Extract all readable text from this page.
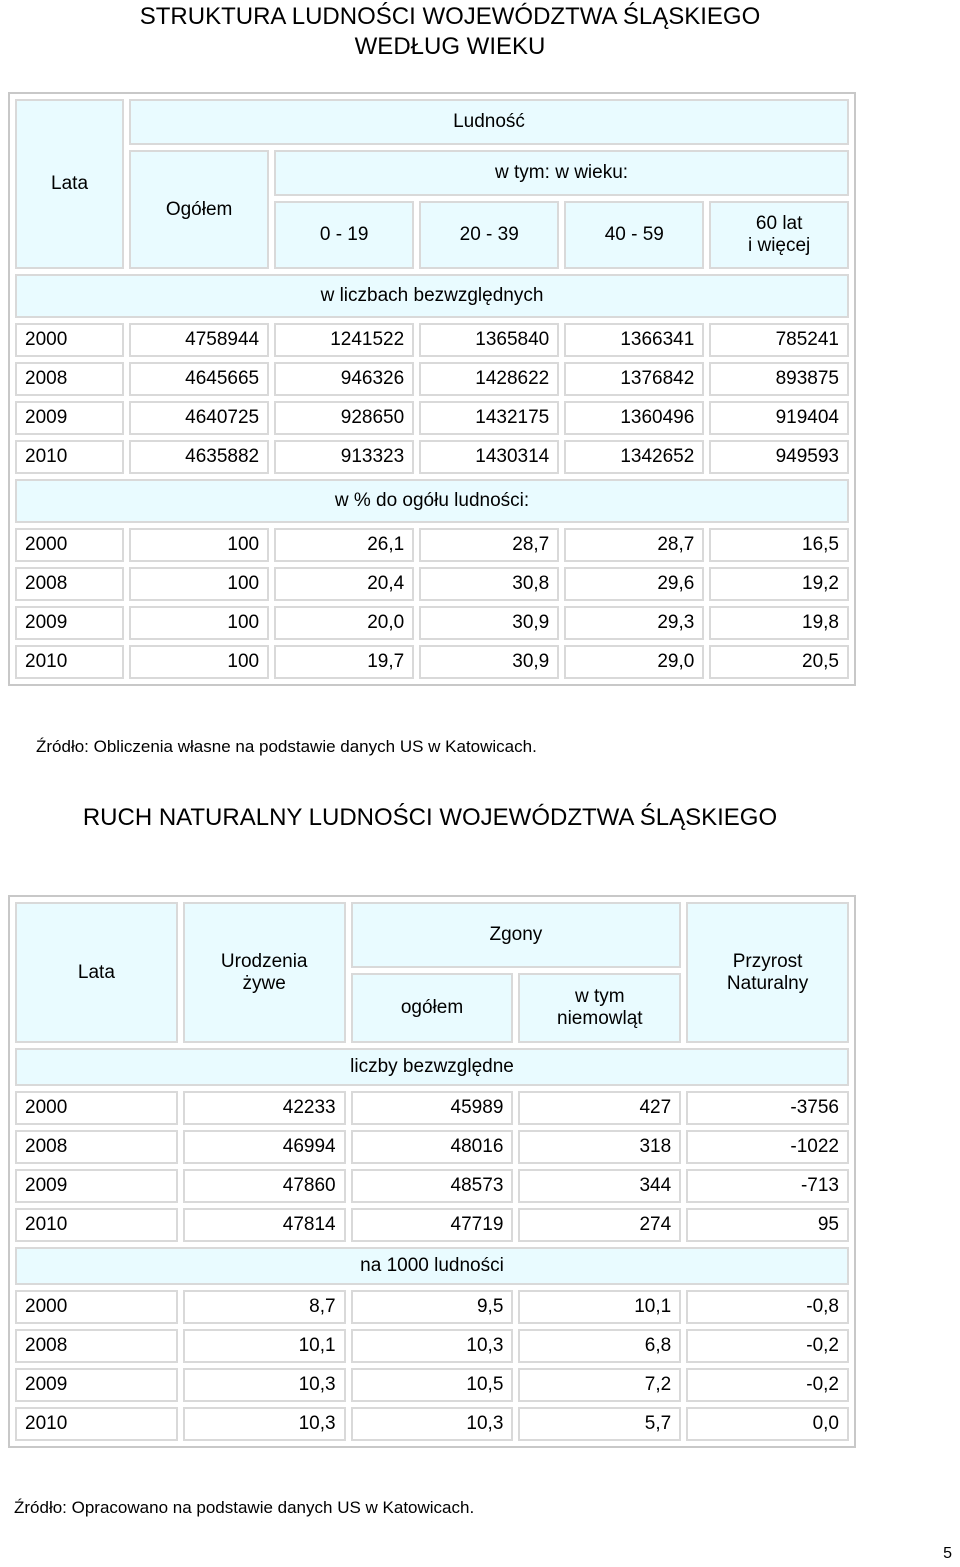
STRUKTURA LUDNOŚCI WOJEWÓDZTWA ŚLĄSKIEGO
WEDŁUG WIEKU
Lata	Ludność				
	Ogółem	w tym: w wieku:			
		0 - 19	20 - 39	40 - 59	60 lat
i więcej
w liczbach bezwzględnych					
2000	4758944	1241522	1365840	1366341	785241
2008	4645665	946326	1428622	1376842	893875
2009	4640725	928650	1432175	1360496	919404
2010	4635882	913323	1430314	1342652	949593
w % do ogółu ludności:					
2000	100	26,1	28,7	28,7	16,5
2008	100	20,4	30,8	29,6	19,2
2009	100	20,0	30,9	29,3	19,8
2010	100	19,7	30,9	29,0	20,5

Źródło: Obliczenia własne na podstawie danych US w Katowicach.

RUCH NATURALNY LUDNOŚCI WOJEWÓDZTWA ŚLĄSKIEGO
Lata	Urodzenia
żywe	Zgony		Przyrost
Naturalny
		ogółem	w tym
niemowląt	
liczby bezwzględne				
2000	42233	45989	427	-3756
2008	46994	48016	318	-1022
2009	47860	48573	344	-713
2010	47814	47719	274	95
na 1000 ludności				
2000	8,7	9,5	10,1	-0,8
2008	10,1	10,3	6,8	-0,2
2009	10,3	10,5	7,2	-0,2
2010	10,3	10,3	5,7	0,0

Źródło: Opracowano na podstawie danych US w Katowicach.

5
